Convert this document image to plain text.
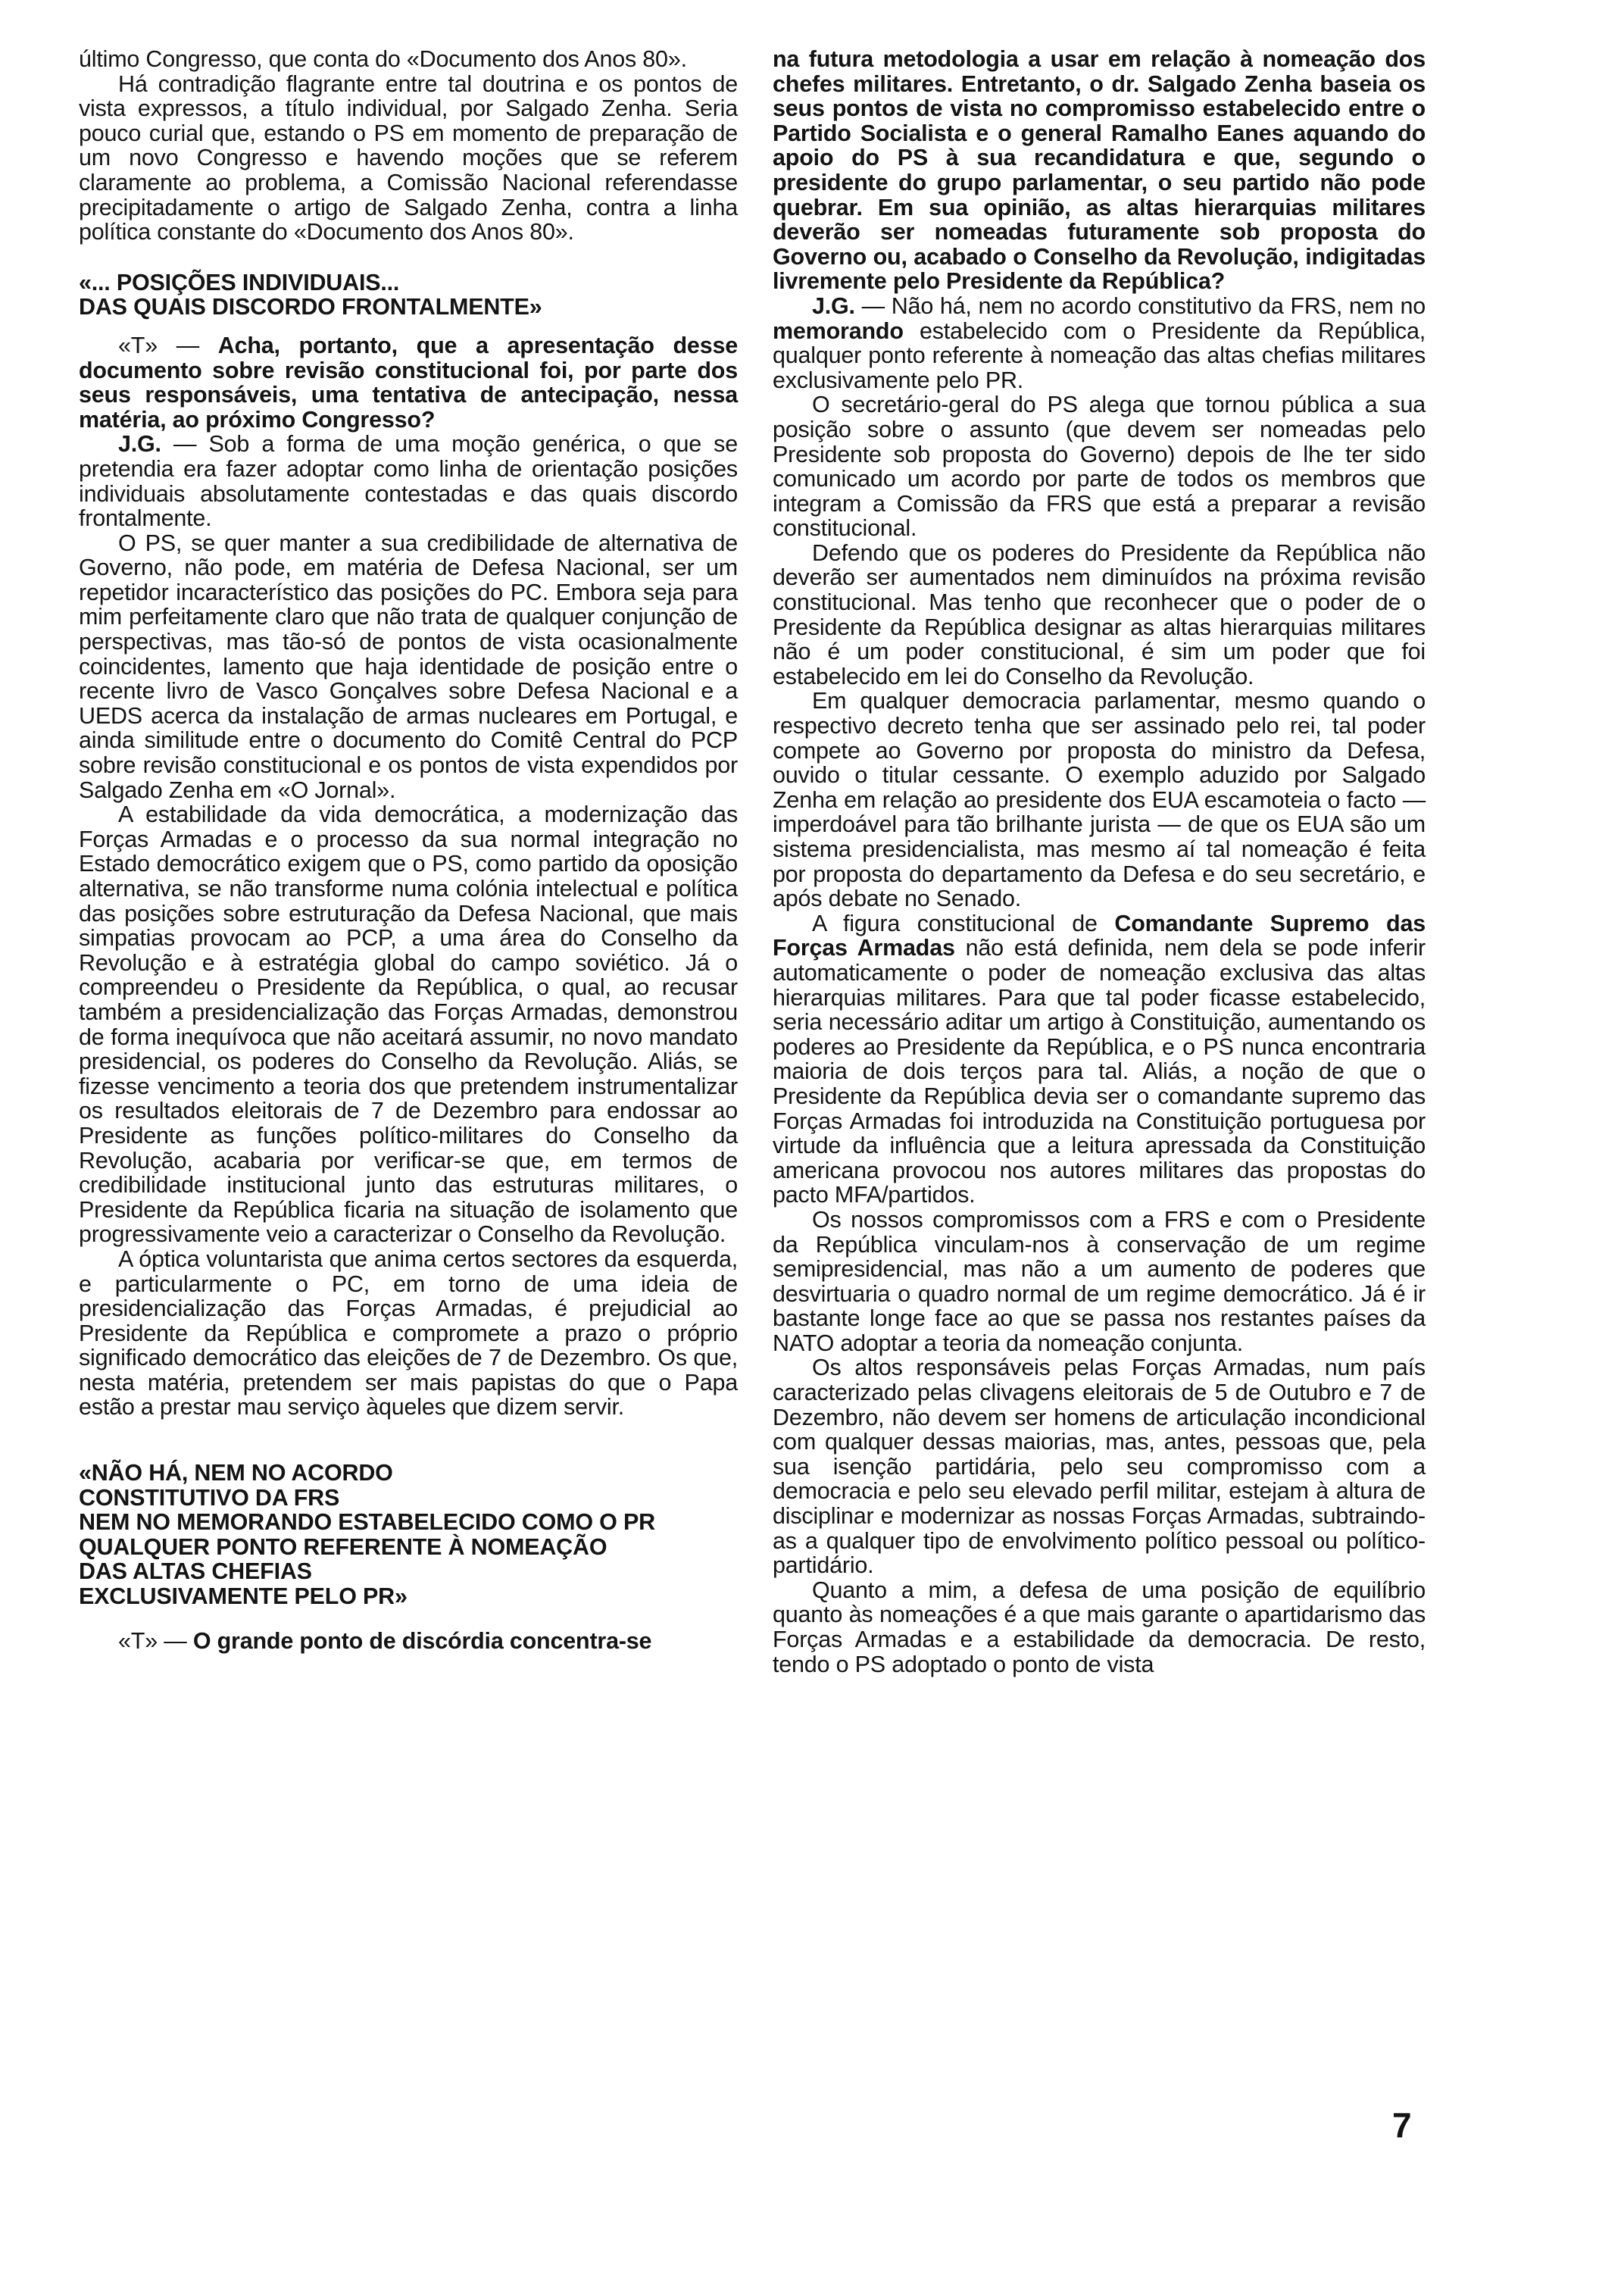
último Congresso, que conta do «Documento dos Anos 80».

Há contradição flagrante entre tal doutrina e os pontos de vista expressos, a título individual, por Salgado Zenha. Seria pouco curial que, estando o PS em momento de preparação de um novo Congresso e havendo moções que se referem claramente ao problema, a Comissão Nacional referendasse precipitadamente o artigo de Salgado Zenha, contra a linha política constante do «Documento dos Anos 80».

«... POSIÇÕES INDIVIDUAIS...

DAS QUAIS DISCORDO FRONTALMENTE»

«T» — Acha, portanto, que a apresentação desse documento sobre revisão constitucional foi, por parte dos seus responsáveis, uma tentativa de antecipação, nessa matéria, ao próximo Congresso?

J.G. — Sob a forma de uma moção genérica, o que se pretendia era fazer adoptar como linha de orientação posições individuais absolutamente contestadas e das quais discordo frontalmente.

O PS, se quer manter a sua credibilidade de alternativa de Governo, não pode, em matéria de Defesa Nacional, ser um repetidor incaracterístico das posições do PC. Embora seja para mim perfeitamente claro que não trata de qualquer conjunção de perspectivas, mas tão-só de pontos de vista ocasionalmente coincidentes, lamento que haja identidade de posição entre o recente livro de Vasco Gonçalves sobre Defesa Nacional e a UEDS acerca da instalação de armas nucleares em Portugal, e ainda similitude entre o documento do Comitê Central do PCP sobre revisão constitucional e os pontos de vista expendidos por Salgado Zenha em «O Jornal».

A estabilidade da vida democrática, a modernização das Forças Armadas e o processo da sua normal integração no Estado democrático exigem que o PS, como partido da oposição alternativa, se não transforme numa colónia intelectual e política das posições sobre estruturação da Defesa Nacional, que mais simpatias provocam ao PCP, a uma área do Conselho da Revolução e à estratégia global do campo soviético. Já o compreendeu o Presidente da República, o qual, ao recusar também a presidencialização das Forças Armadas, demonstrou de forma inequívoca que não aceitará assumir, no novo mandato presidencial, os poderes do Conselho da Revolução. Aliás, se fizesse vencimento a teoria dos que pretendem instrumentalizar os resultados eleitorais de 7 de Dezembro para endossar ao Presidente as funções político-militares do Conselho da Revolução, acabaria por verificar-se que, em termos de credibilidade institucional junto das estruturas militares, o Presidente da República ficaria na situação de isolamento que progressivamente veio a caracterizar o Conselho da Revolução.

A óptica voluntarista que anima certos sectores da esquerda, e particularmente o PC, em torno de uma ideia de presidencialização das Forças Armadas, é prejudicial ao Presidente da República e compromete a prazo o próprio significado democrático das eleições de 7 de Dezembro. Os que, nesta matéria, pretendem ser mais papistas do que o Papa estão a prestar mau serviço àqueles que dizem servir.

«NÃO HÁ, NEM NO ACORDO

CONSTITUTIVO DA FRS

NEM NO MEMORANDO ESTABELECIDO COMO O PR

QUALQUER PONTO REFERENTE À NOMEAÇÃO

DAS ALTAS CHEFIAS

EXCLUSIVAMENTE PELO PR»

«T» — O grande ponto de discórdia concentra-se

na futura metodologia a usar em relação à nomeação dos chefes militares. Entretanto, o dr. Salgado Zenha baseia os seus pontos de vista no compromisso estabelecido entre o Partido Socialista e o general Ramalho Eanes aquando do apoio do PS à sua recandidatura e que, segundo o presidente do grupo parlamentar, o seu partido não pode quebrar. Em sua opinião, as altas hierarquias militares deverão ser nomeadas futuramente sob proposta do Governo ou, acabado o Conselho da Revolução, indigitadas livremente pelo Presidente da República?

J.G. — Não há, nem no acordo constitutivo da FRS, nem no memorando estabelecido com o Presidente da República, qualquer ponto referente à nomeação das altas chefias militares exclusivamente pelo PR.

O secretário-geral do PS alega que tornou pública a sua posição sobre o assunto (que devem ser nomeadas pelo Presidente sob proposta do Governo) depois de lhe ter sido comunicado um acordo por parte de todos os membros que integram a Comissão da FRS que está a preparar a revisão constitucional.

Defendo que os poderes do Presidente da República não deverão ser aumentados nem diminuídos na próxima revisão constitucional. Mas tenho que reconhecer que o poder de o Presidente da República designar as altas hierarquias militares não é um poder constitucional, é sim um poder que foi estabelecido em lei do Conselho da Revolução.

Em qualquer democracia parlamentar, mesmo quando o respectivo decreto tenha que ser assinado pelo rei, tal poder compete ao Governo por proposta do ministro da Defesa, ouvido o titular cessante. O exemplo aduzido por Salgado Zenha em relação ao presidente dos EUA escamoteia o facto — imperdoável para tão brilhante jurista — de que os EUA são um sistema presidencialista, mas mesmo aí tal nomeação é feita por proposta do departamento da Defesa e do seu secretário, e após debate no Senado.

A figura constitucional de Comandante Supremo das Forças Armadas não está definida, nem dela se pode inferir automaticamente o poder de nomeação exclusiva das altas hierarquias militares. Para que tal poder ficasse estabelecido, seria necessário aditar um artigo à Constituição, aumentando os poderes ao Presidente da República, e o PS nunca encontraria maioria de dois terços para tal. Aliás, a noção de que o Presidente da República devia ser o comandante supremo das Forças Armadas foi introduzida na Constituição portuguesa por virtude da influência que a leitura apressada da Constituição americana provocou nos autores militares das propostas do pacto MFA/partidos.

Os nossos compromissos com a FRS e com o Presidente da República vinculam-nos à conservação de um regime semipresidencial, mas não a um aumento de poderes que desvirtuaria o quadro normal de um regime democrático. Já é ir bastante longe face ao que se passa nos restantes países da NATO adoptar a teoria da nomeação conjunta.

Os altos responsáveis pelas Forças Armadas, num país caracterizado pelas clivagens eleitorais de 5 de Outubro e 7 de Dezembro, não devem ser homens de articulação incondicional com qualquer dessas maiorias, mas, antes, pessoas que, pela sua isenção partidária, pelo seu compromisso com a democracia e pelo seu elevado perfil militar, estejam à altura de disciplinar e modernizar as nossas Forças Armadas, subtraindo-as a qualquer tipo de envolvimento político pessoal ou político-partidário.

Quanto a mim, a defesa de uma posição de equilíbrio quanto às nomeações é a que mais garante o apartidarismo das Forças Armadas e a estabilidade da democracia. De resto, tendo o PS adoptado o ponto de vista

7
